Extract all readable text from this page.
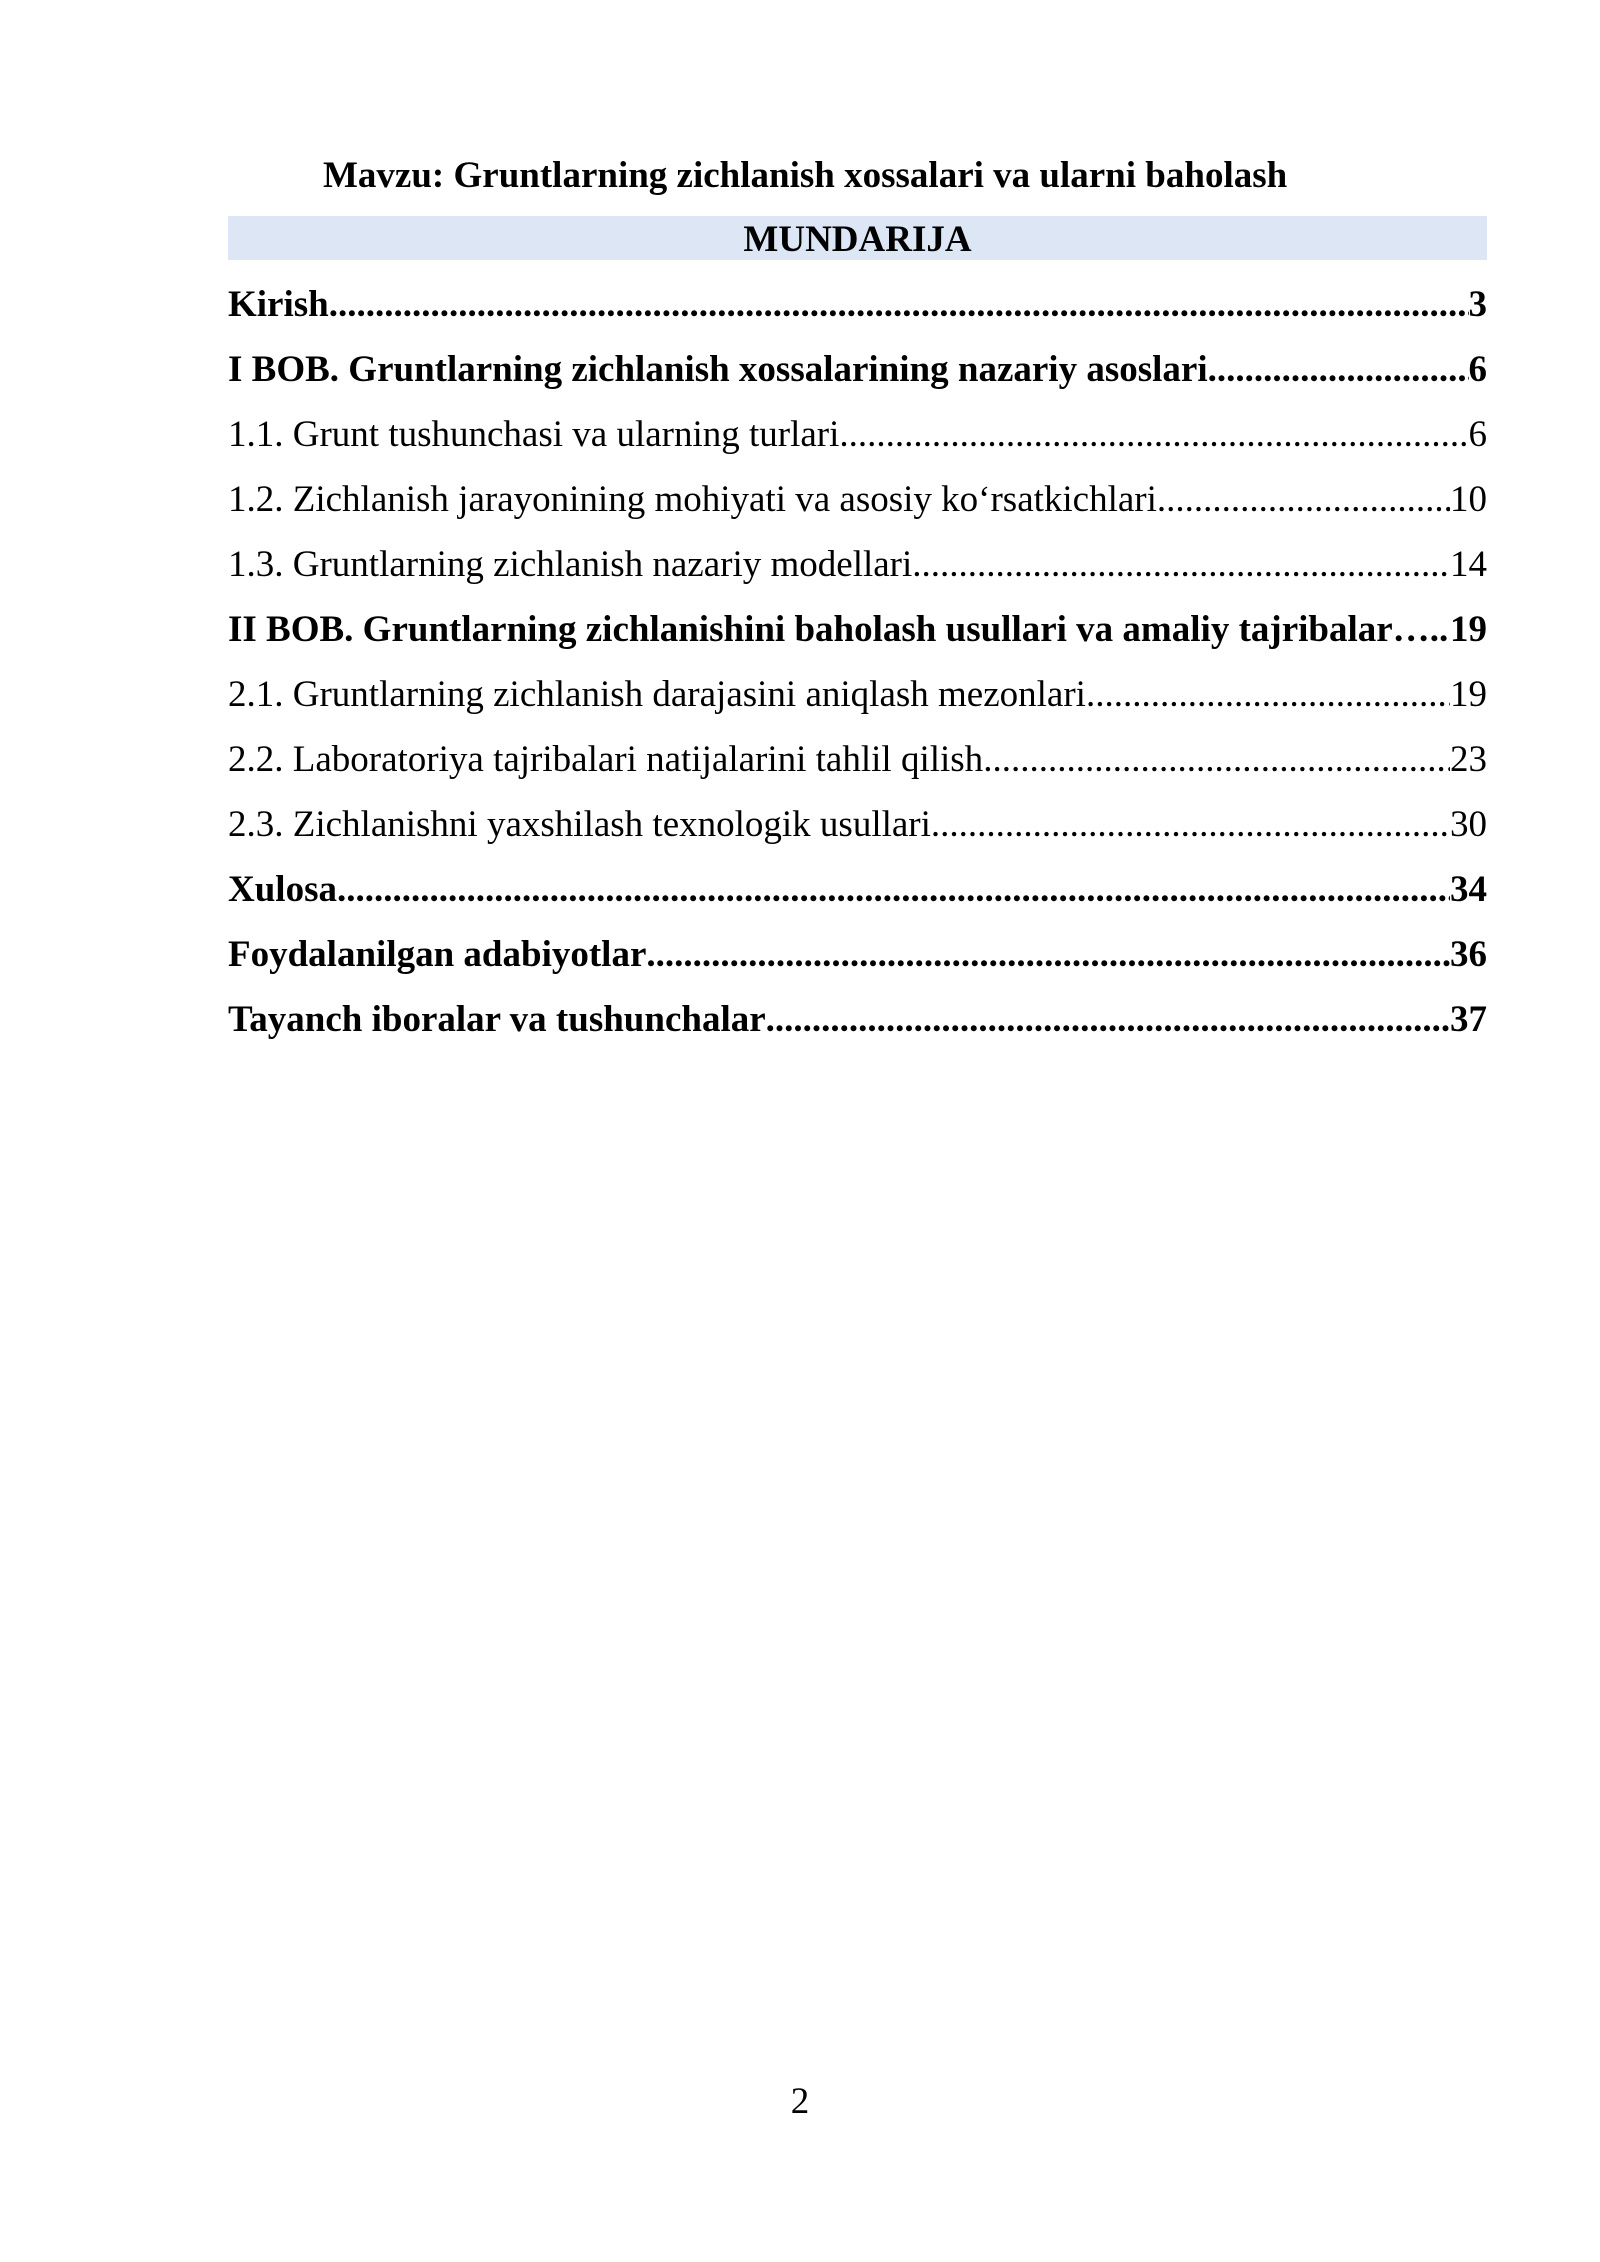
Mavzu: Gruntlarning zichlanish xossalari va ularni baholash
MUNDARIJA
Kirish .....	3
I BOB. Gruntlarning zichlanish xossalarining nazariy asoslari .....	6
1.1. Grunt tushunchasi va ularning turlari .....	6
1.2. Zichlanish jarayonining mohiyati va asosiy ko‘rsatkichlari .....	10
1.3. Gruntlarning zichlanish nazariy modellari .....	14
II BOB. Gruntlarning zichlanishini baholash usullari va amaliy tajribalar… ..... 19
2.1. Gruntlarning zichlanish darajasini aniqlash mezonlari .....	19
2.2. Laboratoriya tajribalari natijalarini tahlil qilish .....	23
2.3. Zichlanishni yaxshilash texnologik usullari .....	30
Xulosa .....	34
Foydalanilgan adabiyotlar .....	36
Tayanch iboralar va tushunchalar .....	37
2
